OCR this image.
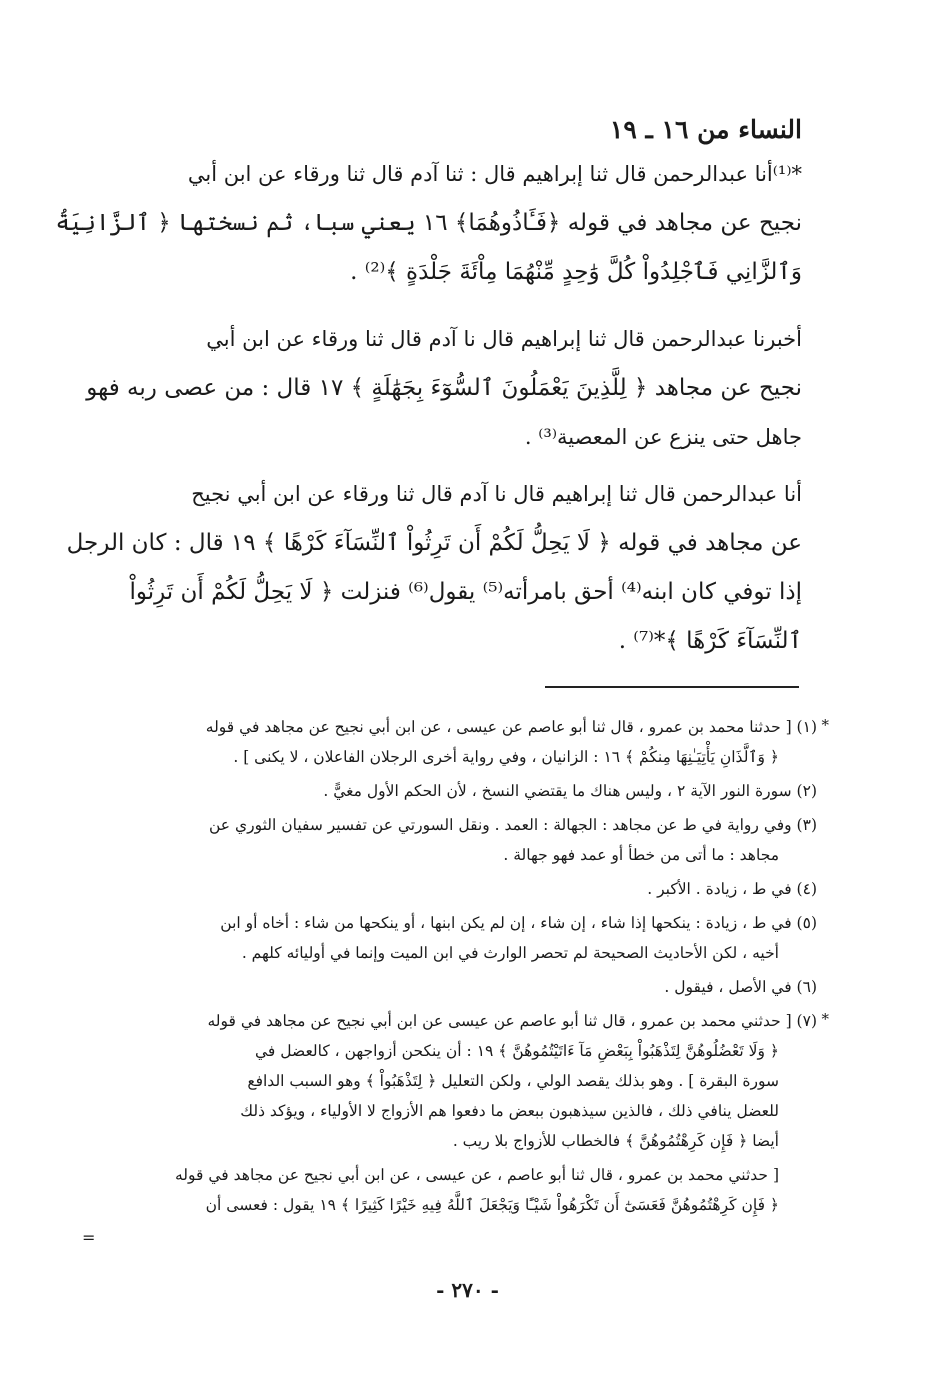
النساء من ١٦ ـ ١٩
*⁽¹⁾أنا عبدالرحمن قال ثنا إبراهيم قال : ثنا آدم قال ثنا ورقاء عن ابن أبي
نجيح عن مجاهد في قوله ﴿فَـَٔاذُوهُمَا﴾ ١٦ يعني سبا، ثم نسختها ﴿ ٱلزَّانِيَةُ
وَٱلزَّانِي فَٱجْلِدُواْ كُلَّ وَٰحِدٍ مِّنْهُمَا مِاْئَةَ جَلْدَةٍ ﴾⁽²⁾ .
أخبرنا عبدالرحمن قال ثنا إبراهيم قال نا آدم قال ثنا ورقاء عن ابن أبي
نجيح عن مجاهد ﴿ لِلَّذِينَ يَعْمَلُونَ ٱلسُّوٓءَ بِجَهَٰلَةٍ ﴾ ١٧ قال : من عصى ربه فهو
جاهل حتى ينزع عن المعصية⁽³⁾ .
أنا عبدالرحمن قال ثنا إبراهيم قال نا آدم قال ثنا ورقاء عن ابن أبي نجيح
عن مجاهد في قوله ﴿ لَا يَحِلُّ لَكُمْ أَن تَرِثُواْ ٱلنِّسَآءَ كَرْهًا ﴾ ١٩ قال : كان الرجل
إذا توفي كان ابنه⁽⁴⁾ أحق بامرأته⁽⁵⁾ يقول⁽⁶⁾ فنزلت ﴿ لَا يَحِلُّ لَكُمْ أَن تَرِثُواْ
ٱلنِّسَآءَ كَرْهًا ﴾*⁽⁷⁾ .
*
(١) [ حدثنا محمد بن عمرو ، قال ثنا أبو عاصم عن عيسى ، عن ابن أبي نجيح عن مجاهد في قوله
﴿ وَٱلَّذَانِ يَأْتِيَـٰنِهَا مِنكُمْ ﴾ ١٦ : الزانيان ، وفي رواية أخرى الرجلان الفاعلان ، لا يكنى ] .
(٢) سورة النور الآية ٢ ، وليس هناك ما يقتضي النسخ ، لأن الحكم الأول مغيًّ .
(٣) وفي رواية في ط عن مجاهد : الجهالة : العمد . ونقل السورتي عن تفسير سفيان الثوري عن
مجاهد : ما أتى من خطأ أو عمد فهو جهالة .
(٤) في ط ، زيادة . الأكبر .
(٥) في ط ، زيادة : ينكحها إذا شاء ، إن شاء ، إن لم يكن ابنها ، أو ينكحها من شاء : أخاه أو ابن
أخيه ، لكن الأحاديث الصحيحة لم تحصر الوارث في ابن الميت وإنما في أوليائه كلهم .
(٦) في الأصل ، فيقول .
*
(٧) [ حدثني محمد بن عمرو ، قال ثنا أبو عاصم عن عيسى عن ابن أبي نجيح عن مجاهد في قوله
﴿ وَلَا تَعْضُلُوهُنَّ لِتَذْهَبُواْ بِبَعْضِ مَآ ءَاتَيْتُمُوهُنَّ ﴾ ١٩ : أن ينكحن أزواجهن ، كالعضل في
سورة البقرة ] . وهو بذلك يقصد الولي ، ولكن التعليل ﴿ لِتَذْهَبُواْ ﴾ وهو السبب الدافع
للعضل ينافي ذلك ، فالذين سيذهبون ببعض ما دفعوا هم الأزواج لا الأولياء ، ويؤكد ذلك
أيضا ﴿ فَإِن كَرِهْتُمُوهُنَّ ﴾ فالخطاب للأزواج بلا ريب .
[ حدثني محمد بن عمرو ، قال ثنا أبو عاصم ، عن عيسى ، عن ابن أبي نجيح عن مجاهد في قوله
﴿ فَإِن كَرِهْتُمُوهُنَّ فَعَسَىٰٓ أَن تَكْرَهُواْ شَيْـًٔا وَيَجْعَلَ ٱللَّهُ فِيهِ خَيْرًا كَثِيرًا ﴾ ١٩ يقول : فعسى أن
=
- ٢٧٠ -
